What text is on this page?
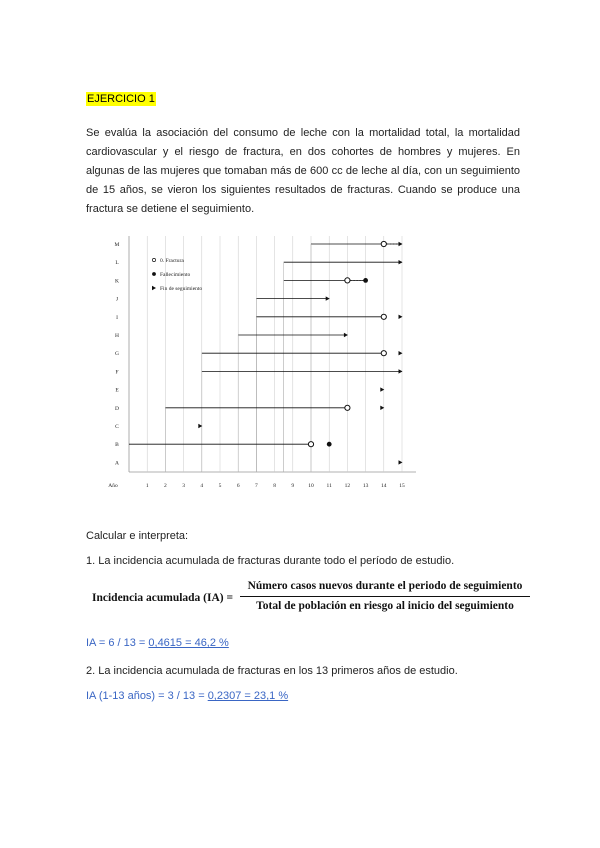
EJERCICIO 1
Se evalúa la asociación del consumo de leche con la mortalidad total, la mortalidad cardiovascular y el riesgo de fractura, en dos cohortes de hombres y mujeres. En algunas de las mujeres que tomaban más de 600 cc de leche al día, con un seguimiento de 15 años, se vieron los siguientes resultados de fracturas. Cuando se produce una fractura se detiene el seguimiento.
1	2	3	4	5	6	7	8	9	10 11 12 13 14 15
Año
M
L
K
J
I
H
G
F
E
D
C
B
A
0. Fractura
Fallecimiento
Fin de seguimiento
Calcular e interpreta:
1. La incidencia acumulada de fracturas durante todo el período de estudio.
Incidencia acumulada (IA) =
Número casos nuevos durante el periodo de seguimiento
Total de población en riesgo al inicio del seguimiento
IA = 6 / 13 = 0,4615 = 46,2 %
2. La incidencia acumulada de fracturas en los 13 primeros años de estudio.
IA (1-13 años) = 3 / 13 = 0,2307 = 23,1 %
